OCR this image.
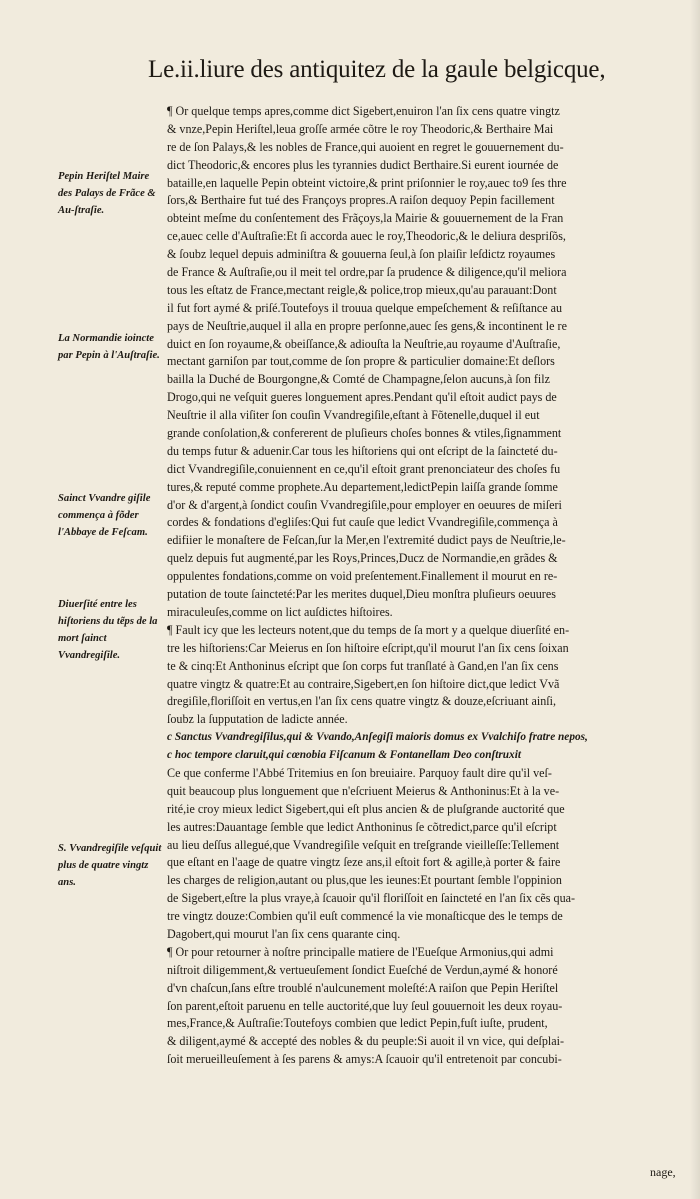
Le.ii.liure des antiquitez de la gaule belgicque,
Pepin Heriſtel Maire des Palays de Frãce & Au-ſtraſie.
La Normandie ioincte par Pepin à l'Auſtraſie.
Sainct Vvandre giſile commença à fõder l'Abbaye de Feſcam.
Diuerſité entre les hiſtoriens du tẽps de la mort ſainct Vvandregiſile.
S. Vvandregiſile veſquit plus de quatre vingtz ans.
¶ Or quelque temps apres,comme dict Sigebert,enuiron l'an ſix cens quatre vingtz
& vnze,Pepin Heriſtel,leua groſſe armée cõtre le roy Theodoric,& Berthaire Mai
re de ſon Palays,& les nobles de France,qui auoient en regret le gouuernement du-
dict Theodoric,& encores plus les tyrannies dudict Berthaire.Si eurent iournée de
bataille,en laquelle Pepin obteint victoire,& print priſonnier le roy,auec to9 ſes thre
ſors,& Berthaire fut tué des Françoys propres.A raiſon dequoy Pepin facillement
obteint meſme du conſentement des Frãçoys,la Mairie & gouuernement de la Fran
ce,auec celle d'Auſtraſie:Et ſi accorda auec le roy,Theodoric,& le deliura despriſõs,
& ſoubz lequel depuis adminiſtra & gouuerna ſeul,à ſon plaiſir leſdictz royaumes
de France & Auſtraſie,ou il meit tel ordre,par ſa prudence & diligence,qu'il meliora
tous les eſtatz de France,mectant reigle,& police,trop mieux,qu'au parauant:Dont
il fut fort aymé & priſé.Toutefoys il trouua quelque empeſchement & reſiſtance au
pays de Neuſtrie,auquel il alla en propre perſonne,auec ſes gens,& incontinent le re
duict en ſon royaume,& obeiſſance,& adiouſta la Neuſtrie,au royaume d'Auſtraſie,
mectant garniſon par tout,comme de ſon propre & particulier domaine:Et deſlors
bailla la Duché de Bourgongne,& Comté de Champagne,ſelon aucuns,à ſon filz
Drogo,qui ne veſquit gueres longuement apres.Pendant qu'il eſtoit audict pays de
Neuſtrie il alla viſiter ſon couſin Vvandregiſile,eſtant à Fõtenelle,duquel il eut
grande conſolation,& confererent de pluſieurs choſes bonnes & vtiles,ſignamment
du temps futur & aduenir.Car tous les hiſtoriens qui ont eſcript de la ſaincteté du-
dict Vvandregiſile,conuiennent en ce,qu'il eſtoit grant prenonciateur des choſes fu
tures,& reputé comme prophete.Au departement,ledictPepin laiſſa grande ſomme
d'or & d'argent,à ſondict couſin Vvandregiſile,pour employer en oeuures de miſeri
cordes & fondations d'egliſes:Qui fut cauſe que ledict Vvandregiſile,commença à
edifiier le monaſtere de Feſcan,ſur la Mer,en l'extremité dudict pays de Neuſtrie,le-
quelz depuis fut augmenté,par les Roys,Princes,Ducz de Normandie,en grãdes &
oppulentes fondations,comme on void preſentement.Finallement il mourut en re-
putation de toute ſaincteté:Par les merites duquel,Dieu monſtra pluſieurs oeuures
miraculeuſes,comme on lict auſdictes hiſtoires.
¶ Fault icy que les lecteurs notent,que du temps de ſa mort y a quelque diuerſité en-
tre les hiſtoriens:Car Meierus en ſon hiſtoire eſcript,qu'il mourut l'an ſix cens ſoixan
te & cinq:Et Anthoninus eſcript que ſon corps fut tranſlaté à Gand,en l'an ſix cens
quatre vingtz & quatre:Et au contraire,Sigebert,en ſon hiſtoire dict,que ledict Vvã
dregiſile,floriſſoit en vertus,en l'an ſix cens quatre vingtz & douze,eſcriuant ainſi,
ſoubz la ſupputation de ladicte année.
c Sanctus Vvandregiſilus,qui & Vvando,Anſegiſi maioris domus ex Vvalchiſo fratre nepos,
c hoc tempore claruit,qui cœnobia Fiſcanum & Fontanellam Deo conſtruxit
Ce que conferme l'Abbé Tritemius en ſon breuiaire. Parquoy fault dire qu'il veſ-
quit beaucoup plus longuement que n'eſcriuent Meierus & Anthoninus:Et à la ve-
rité,ie croy mieux ledict Sigebert,qui eſt plus ancien & de pluſgrande auctorité que
les autres:Dauantage ſemble que ledict Anthoninus ſe cõtredict,parce qu'il eſcript
au lieu deſſus allegué,que Vvandregiſile veſquit en treſgrande vieilleſſe:Tellement
que eſtant en l'aage de quatre vingtz ſeze ans,il eſtoit fort & agille,à porter & faire
les charges de religion,autant ou plus,que les ieunes:Et pourtant ſemble l'oppinion
de Sigebert,eſtre la plus vraye,à ſcauoir qu'il floriſſoit en ſaincteté en l'an ſix cẽs qua-
tre vingtz douze:Combien qu'il euſt commencé la vie monaſticque des le temps de
Dagobert,qui mourut l'an ſix cens quarante cinq.
¶ Or pour retourner à noſtre principalle matiere de l'Eueſque Armonius,qui admi
niſtroit diligemment,& vertueuſement ſondict Eueſché de Verdun,aymé & honoré
d'vn chaſcun,ſans eſtre troublé n'aulcunement moleſté:A raiſon que Pepin Heriſtel
ſon parent,eſtoit paruenu en telle auctorité,que luy ſeul gouuernoit les deux royau-
mes,France,& Auſtraſie:Toutefoys combien que ledict Pepin,fuſt iuſte, prudent,
& diligent,aymé & accepté des nobles & du peuple:Si auoit il vn vice, qui deſplai-
ſoit merueilleuſement à ſes parens & amys:A ſcauoir qu'il entretenoit par concubi-
nage,
